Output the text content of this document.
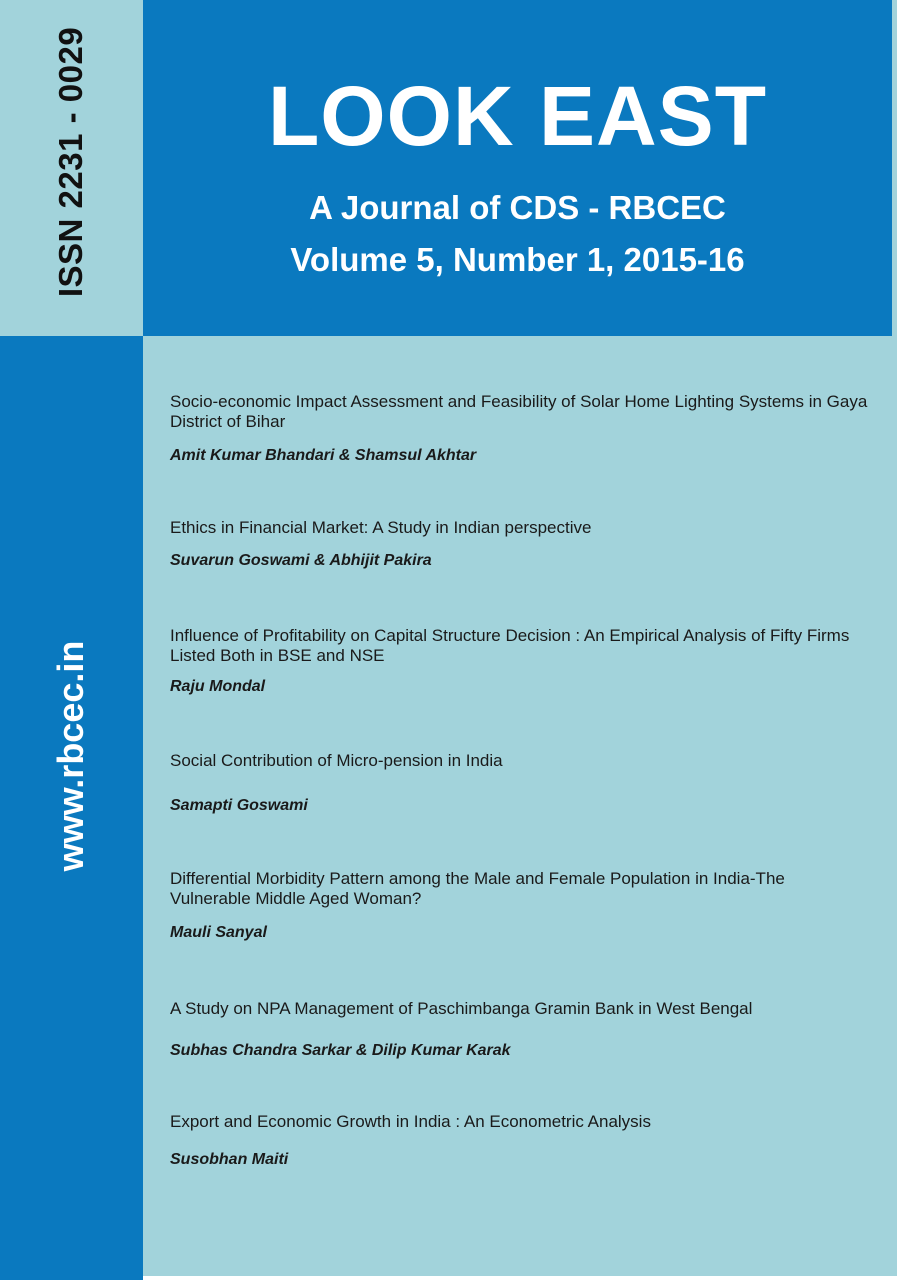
ISSN 2231 - 0029
www.rbcec.in
LOOK EAST
A Journal of CDS - RBCEC
Volume 5, Number 1, 2015-16

Socio-economic Impact Assessment and Feasibility of Solar Home Lighting Systems in Gaya District of Bihar

Amit Kumar Bhandari & Shamsul Akhtar

Ethics in Financial Market: A Study in Indian perspective

Suvarun Goswami & Abhijit Pakira

Influence of Profitability on Capital Structure Decision : An Empirical Analysis of Fifty Firms Listed Both in BSE and NSE

Raju Mondal

Social Contribution of Micro-pension in India

Samapti Goswami

Differential Morbidity Pattern among the Male and Female Population in India-The Vulnerable Middle Aged Woman?

Mauli Sanyal

A Study on NPA Management of Paschimbanga Gramin Bank in West Bengal

Subhas Chandra Sarkar & Dilip Kumar Karak

Export and Economic Growth in India : An Econometric Analysis

Susobhan Maiti
